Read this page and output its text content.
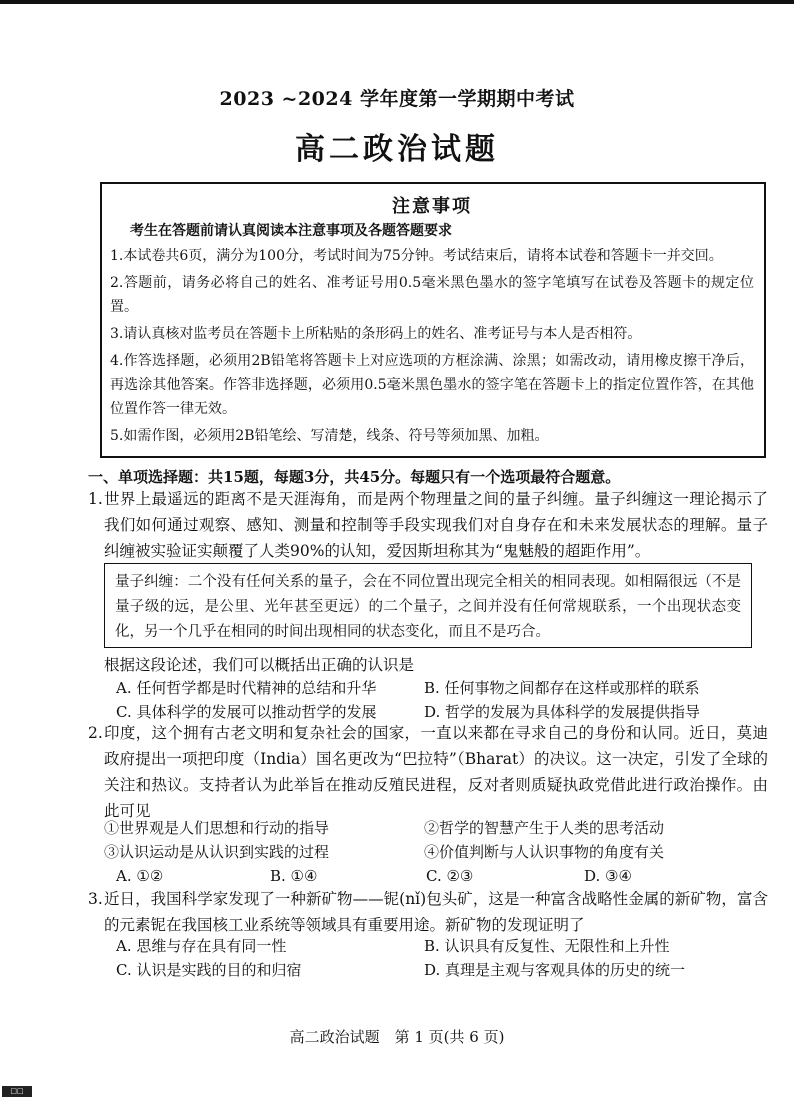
2023 ~2024 学年度第一学期期中考试
高二政治试题
注意事项
考生在答题前请认真阅读本注意事项及各题答题要求
1.本试卷共6页，满分为100分，考试时间为75分钟。考试结束后，请将本试卷和答题卡一并交回。
2.答题前，请务必将自己的姓名、准考证号用0.5毫米黑色墨水的签字笔填写在试卷及答题卡的规定位置。
3.请认真核对监考员在答题卡上所粘贴的条形码上的姓名、准考证号与本人是否相符。
4.作答选择题，必须用2B铅笔将答题卡上对应选项的方框涂满、涂黑；如需改动，请用橡皮擦干净后，再选涂其他答案。作答非选择题，必须用0.5毫米黑色墨水的签字笔在答题卡上的指定位置作答，在其他位置作答一律无效。
5.如需作图，必须用2B铅笔绘、写清楚，线条、符号等须加黑、加粗。
一、单项选择题：共15题，每题3分，共45分。每题只有一个选项最符合题意。
1. 世界上最遥远的距离不是天涯海角，而是两个物理量之间的量子纠缠。量子纠缠这一理论揭示了我们如何通过观察、感知、测量和控制等手段实现我们对自身存在和未来发展状态的理解。量子纠缠被实验证实颠覆了人类90%的认知，爱因斯坦称其为“鬼魅般的超距作用”。
量子纠缠：二个没有任何关系的量子，会在不同位置出现完全相关的相同表现。如相隔很远（不是量子级的远，是公里、光年甚至更远）的二个量子，之间并没有任何常规联系，一个出现状态变化，另一个几乎在相同的时间出现相同的状态变化，而且不是巧合。
根据这段论述，我们可以概括出正确的认识是
A. 任何哲学都是时代精神的总结和升华	B. 任何事物之间都存在这样或那样的联系
C. 具体科学的发展可以推动哲学的发展	D. 哲学的发展为具体科学的发展提供指导
2. 印度，这个拥有古老文明和复杂社会的国家，一直以来都在寻求自己的身份和认同。近日，莫迪政府提出一项把印度（India）国名更改为“巴拉特”（Bharat）的决议。这一决定，引发了全球的关注和热议。支持者认为此举旨在推动反殖民进程，反对者则质疑执政党借此进行政治操作。由此可见
①世界观是人们思想和行动的指导	②哲学的智慧产生于人类的思考活动
③认识运动是从认识到实践的过程	④价值判断与人认识事物的角度有关
A. ①②	B. ①④	C. ②③	D. ③④
3. 近日，我国科学家发现了一种新矿物——铌(nǐ)包头矿，这是一种富含战略性金属的新矿物，富含的元素铌在我国核工业系统等领域具有重要用途。新矿物的发现证明了
A. 思维与存在具有同一性	B. 认识具有反复性、无限性和上升性
C. 认识是实践的目的和归宿	D. 真理是主观与客观具体的历史的统一
高二政治试题　第 1 页(共 6 页)
□□
